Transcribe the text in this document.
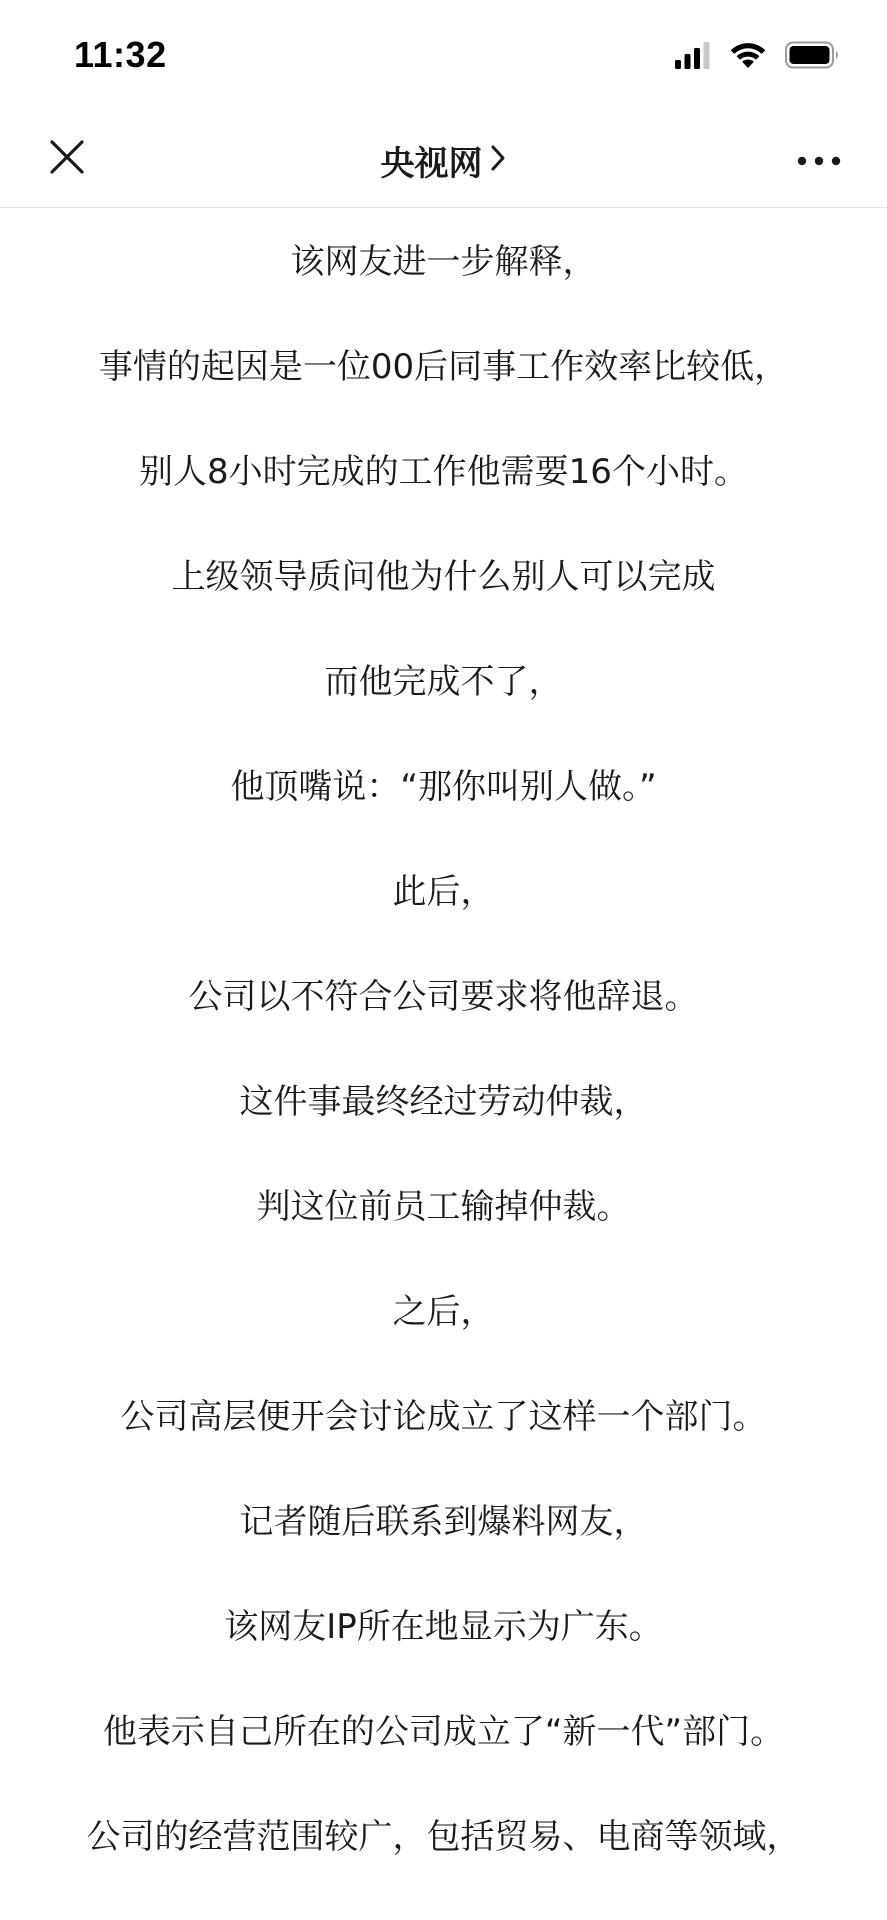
11:32
央视网
该网友进一步解释，
事情的起因是一位00后同事工作效率比较低，
别人8小时完成的工作他需要16个小时。
上级领导质问他为什么别人可以完成
而他完成不了，
他顶嘴说：“那你叫别人做。”
此后，
公司以不符合公司要求将他辞退。
这件事最终经过劳动仲裁，
判这位前员工输掉仲裁。
之后，
公司高层便开会讨论成立了这样一个部门。
记者随后联系到爆料网友，
该网友IP所在地显示为广东。
他表示自己所在的公司成立了“新一代”部门。
公司的经营范围较广，包括贸易、电商等领域，
